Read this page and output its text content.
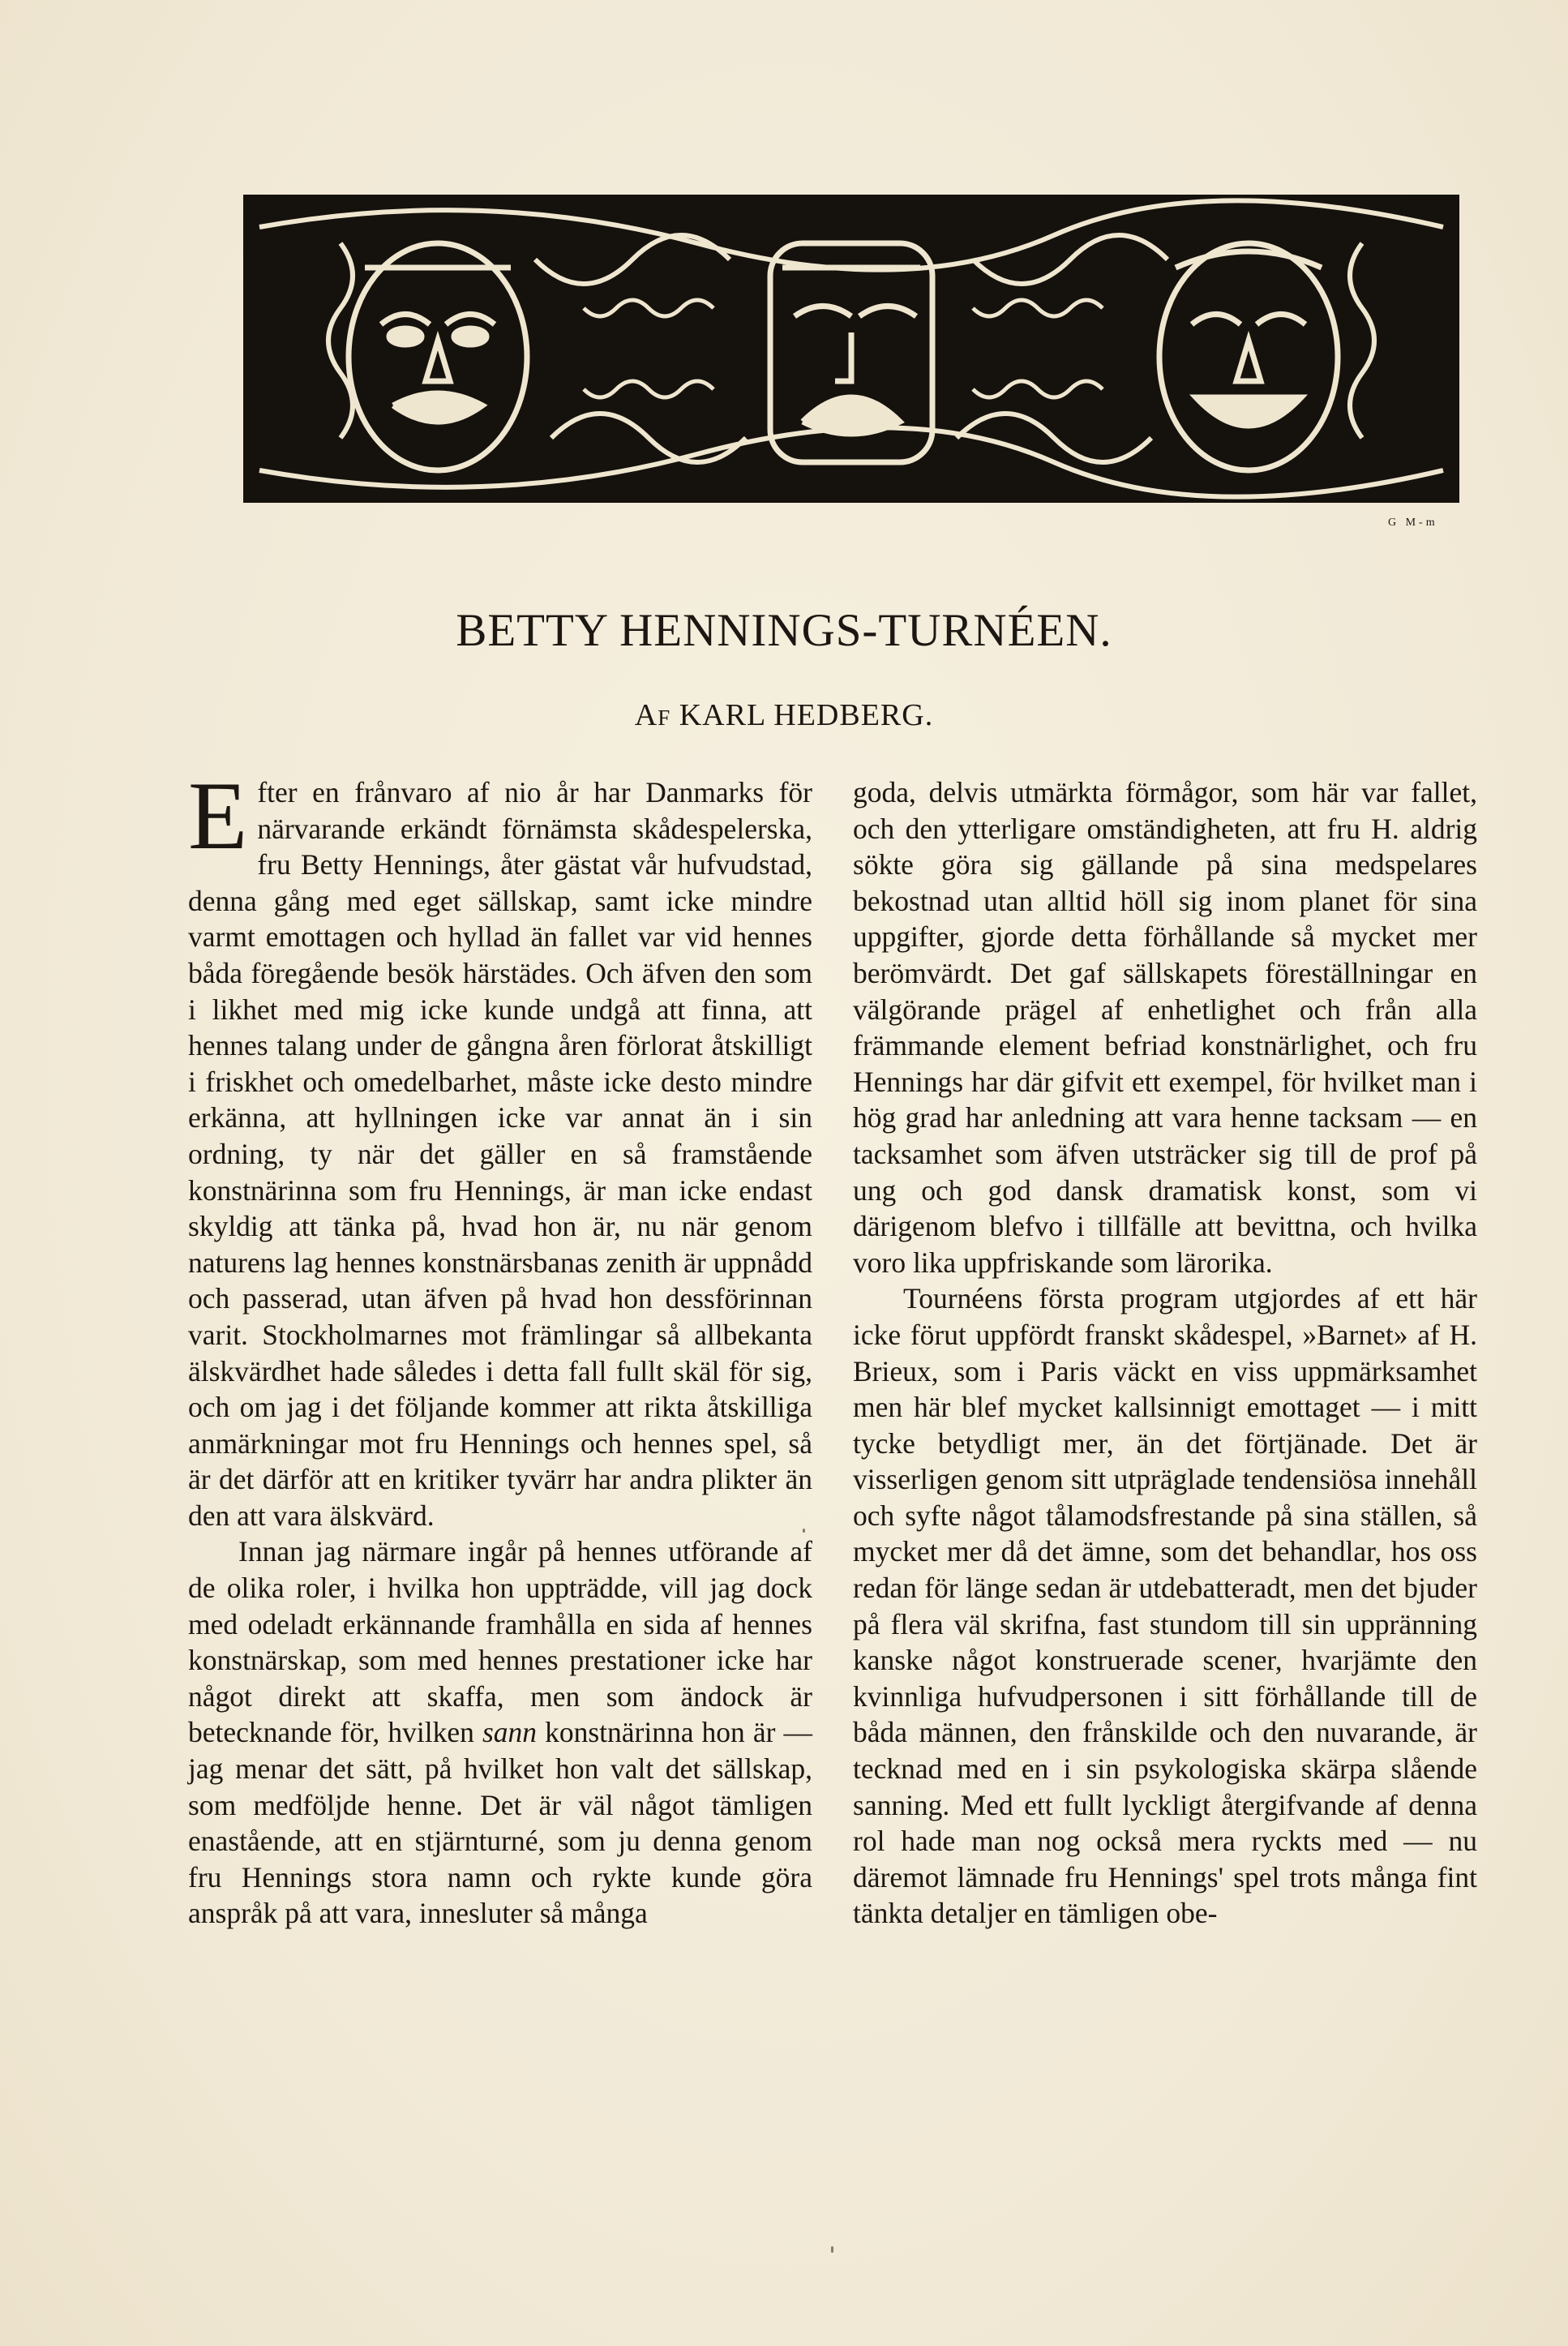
G M-m
BETTY HENNINGS-TURNÉEN.
Af KARL HEDBERG.

Efter en frånvaro af nio år har Danmarks för närvarande erkändt förnämsta skådespelerska, fru Betty Hennings, åter gästat vår hufvudstad, denna gång med eget sällskap, samt icke mindre varmt emottagen och hyllad än fallet var vid hennes båda föregående besök härstädes. Och äfven den som i likhet med mig icke kunde undgå att finna, att hennes talang under de gångna åren förlorat åtskilligt i friskhet och omedelbarhet, måste icke desto mindre erkänna, att hyllningen icke var annat än i sin ordning, ty när det gäller en så framstående konstnärinna som fru Hennings, är man icke endast skyldig att tänka på, hvad hon är, nu när genom naturens lag hennes konstnärsbanas zenith är uppnådd och passerad, utan äfven på hvad hon dessförinnan varit. Stockholmarnes mot främlingar så allbekanta älskvärdhet hade således i detta fall fullt skäl för sig, och om jag i det följande kommer att rikta åtskilliga anmärkningar mot fru Hennings och hennes spel, så är det därför att en kritiker tyvärr har andra plikter än den att vara älskvärd.

Innan jag närmare ingår på hennes utförande af de olika roler, i hvilka hon uppträdde, vill jag dock med odeladt erkännande framhålla en sida af hennes konstnärskap, som med hennes prestationer icke har något direkt att skaffa, men som ändock är betecknande för, hvilken sann konstnärinna hon är — jag menar det sätt, på hvilket hon valt det sällskap, som medföljde henne. Det är väl något tämligen enastående, att en stjärnturné, som ju denna genom fru Hennings stora namn och rykte kunde göra anspråk på att vara, innesluter så många

goda, delvis utmärkta förmågor, som här var fallet, och den ytterligare omständigheten, att fru H. aldrig sökte göra sig gällande på sina medspelares bekostnad utan alltid höll sig inom planet för sina uppgifter, gjorde detta förhållande så mycket mer berömvärdt. Det gaf sällskapets föreställningar en välgörande prägel af enhetlighet och från alla främmande element befriad konstnärlighet, och fru Hennings har där gifvit ett exempel, för hvilket man i hög grad har anledning att vara henne tacksam — en tacksamhet som äfven utsträcker sig till de prof på ung och god dansk dramatisk konst, som vi därigenom blefvo i tillfälle att bevittna, och hvilka voro lika uppfriskande som lärorika.

Tournéens första program utgjordes af ett här icke förut uppfördt franskt skådespel, »Barnet» af H. Brieux, som i Paris väckt en viss uppmärksamhet men här blef mycket kallsinnigt emottaget — i mitt tycke betydligt mer, än det förtjänade. Det är visserligen genom sitt utpräglade tendensiösa innehåll och syfte något tålamodsfrestande på sina ställen, så mycket mer då det ämne, som det behandlar, hos oss redan för länge sedan är utdebatteradt, men det bjuder på flera väl skrifna, fast stundom till sin uppränning kanske något konstruerade scener, hvarjämte den kvinnliga hufvudpersonen i sitt förhållande till de båda männen, den frånskilde och den nuvarande, är tecknad med en i sin psykologiska skärpa slående sanning. Med ett fullt lyckligt återgifvande af denna rol hade man nog också mera ryckts med — nu däremot lämnade fru Hennings' spel trots många fint tänkta detaljer en tämligen obe-
